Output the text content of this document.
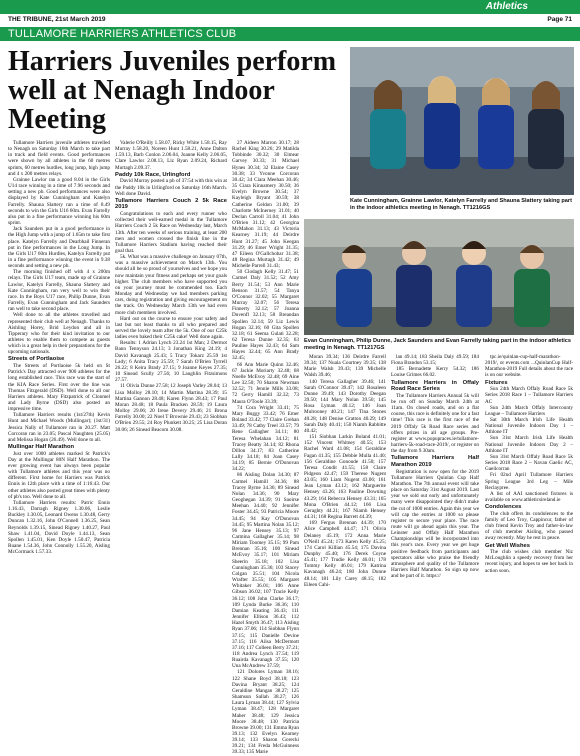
Athletics
THE TRIBUNE, 21st March 2019	Page 71
TULLAMORE HARRIERS ATHLETICS CLUB
Harriers Juveniles perform well at Nenagh Indoor Meeting
Kate Cunningham, Grainne Lawlor, Katelyn Farrelly and Shauna Slattery taking part in the indoor athletics meeting in Nenagh. TT1216GS
Evan Cunningham, Philip Dunne, Jack Saunders and Evan Farrelly taking part in the indoor athletics meeting in Nenagh. TT1217GS

Tullamore Harriers juvenile athletes travelled to Nenagh on Saturday 16th March to take part in track and field events. Good performances were shown by all athletes in the 60 metres sprints, 60 metres hurdles, long jump, high jump and 4 x 200 metres relays.

Grainne Lawlor ran a good 8.04 in the Girls U14 race winning in a time of 7.96 seconds and setting a new pb. Good performances were also displayed by Kate Cunningham and Katelyn Farrelly. Shauna Slattery ran a time of 8.49 seconds to win the Girls U16 60m. Evan Farrelly also put in a fine performance winning his 60m sprint.

Jack Saunders put in a good performance in the High Jump with a jump of 1.65m to take first place. Katelyn Farrelly and Dearbhail Finneran put in fine performances in the Long Jump. In the Girls U17 60m Hurdles, Katelyn Farrelly put in a fine performance winning the event in 9.38 seconds and setting a new pb.

The morning finished off with 4 x 200m relays. The Girls U17 team, made up of Grainne Lawlor, Katelyn Farrelly, Shauna Slattery and Kate Cunningham, ran very well to win their race. In the Boys U17 race, Philip Dunne, Evan Farrelly, Evan Cunningham and Jack Saunders ran well to take second place.

Well done to all the athletes travelled and represented their club well at Nenagh. Thanks to Aishling Horey, Brid Leydon and all in Tipperary who for their kind invitation to our athletes to enable them to compete as guests which is a great help in their preparations for the upcoming nationals.

Streets of Portlaoise

The Streets of Portlaoise 5k held on St Patrick's Day attracted over 900 athletes for the long established race. This race was the start of the KIA Race Series. First over the line was Thomas Fitzgerald (DSD). Well done to all our Harriers athletes. Mary Fitzpatrick of Clonmel and Lady Byrne (DSD) also posted an impressive time.

Tullamore Harriers results (1st/27th) Kevin Hunt and Michael Woods (Mullingar); (1st/31) Jessica Nally of Tullamore ran in 20.27. Matt Corcoran ran in 23.05; Pascal Naughten (25.05) and Melissa Hogan (26.49). Well done to all.

Mullingar Half Marathon

Just over 1000 athletes marked St Patrick's Day at the Mullingar 80N Half Marathon. The ever growing event has always been popular with Tullamore athletes and this year was no different. First home for Harriers was Patrick Ennis in 12th place with a time of 1:16:43. Our other athletes also posted great times with plenty of pb's too. Well done to all.

Tullamore Harriers results: Patric Ennis 1.16.43, Darragh Rigney 1.30.06, Leslie Buckley 1.30.05, Leonard Owens 1.30.48, Gerry Duncan 1.32.16, John O'Connell 1.36.25, Sean Reynolds 1.39.15, Sinead Rigney 1.40.27, Paul Shaw 1.41.04, David Doyle 1.44.13, Sean Spollen 1.45.01, Ken Doyle 1.50.47, Patricia Ruane 1.54.36, John Connolly 1.55.20, Aisling McCormack 1.57.33.

Valerie O'Reilly 1.58.07, Ricky White 1.58.15, Ray Murray 1.58.20, Noreen Hunt 1.58.21, Anne Dalton 1.59.13, Barb Conlon 2.06.04, Joanne Kelly 2.06.05, Clare Lawlor 2.08.13, Liz Ryan 2.09.24, Richard Murtagh 2.09.37.

Paddy 10k Race, Urlingford

David Murray posted a pb of 37:54 with this win at the Paddy 10k in Urlingford on Saturday 16th March. Well done David.

Tullamore Harriers Couch 2 5k Race 2019

Congratulations to each and every runner who collected their well-earned medal in the Tullamore Harriers Couch 2 5k Race on Wednesday last, March 13th. After ten weeks of serious training, at least 200 men and women crossed the finish line in the Tullamore Harriers Stadium having reached their goal that.

5k. What was a massive challenge on January 07th, was a massive achievement on March 13th. You should all be so proud of yourselves and we hope you now maintain your fitness and perhaps set your goals higher. The club members who have supported you on your journey must be commended too. Each Monday and Wednesday we had members parking cars, doing registration and giving encouragement on the track. On Wednesday March 13th we had even more club members involved.

Hard out on the course to ensure your safety and last but not least thanks to all who prepared and served the lovely team after the 5k. One of our C25k ladies even baked their C25k cake! Well done again.

Results: 1 Adrian Lynch 23.24 1st Man; 2 Dermot Bann Tennyson 24.13; 3 Jonathan King 24.19; 4 David Kavanagh 25.43; 5 Tracy Tokarz 25.59 1st Lady; 6 Anita Tracy 25.59; 7 Sarah O'Brien Tyrrell 26.22; 8 Keira Brady 27.15; 9 Joanne Keyes 27.35; 10 Sinead Scully 27.56; 10 Laughlin Fitzsimons 27.57.

11 Olivia Dunne 27.58; 12 Joseph Varley 28.04; 13 Lisa Molloy 28.10; 14 Martin Martina 28.39; 15 Martina Gannon 28.48; Karen Flynn 28.43; 17 Paul Moran 28.48; 18 Paula Bracken 28.59; 19 Laura Molloy 29.06; 20 Irene Devery 29.46; 21 Brona Farrelly 30.00; 22 Noel T Brownie 29.43; 23 Siobhan O'Brien 29.55; 24 Roy Plunkett 30.25; 25 Lisa Doran 30.06; 26 Sinead Beacom 30.08.

27 Aideen Marron 30.17; 28 Rachel King 30.26; 29 Matilda Tobbinde 30.32; 30 Eimear Garvey 30.33; 31 Michael Hynes 30.34; 32 Elaine Casey 30.38; 33 Yvonne Corcoran 30.42; 34 Ciara Meehan 30.46; 35 Ciara Kinnamery 30.50; 36 Evelyn Browne 30.54; 37 Kayleigh Bryant 30.59; 38 Catherine Geldon 31.00; 39 Charlotte McInerney 31.01; 40 Declan Carroll 31.04; 41 John O'Brien 31.12; 42 Georgina McMahon 31.13; 43 Victoria Kearney 31.19; 44 Deirdre Hunt 31.27; 45 John Keegan 31.29; 46 Emer Wright 31.35; 47 Eileen O'Gallchobar 31.38; 48 Regina Murtagh 31.42; 49 Michelle Parrell 31.43;

50 Clodagh Kelly 31.47; 51 Carmel Daly 31.52; 52 Amy Berry 31.54; 53 Ann Marie Benson 31.57; 54 Tanya O'Connor 32.02; 55 Margaret Murray 32.07; 56 Teresa Finnerty 32.12; 57 Joanna Duvenfl 32.13; 58 Breandan Spollen 32.14; 59 Liz Lewis Hogan 32.16; 60 Gita Spollen 32.18; 61 Seema Gulati 32.28; 62 Teresa Dunne 32.35; 63 Pauline Hayes 32.43; 64 Sam Hayes 32.44; 65 Ann Brady 32.45;

66 Ann Marie Quinn 32.46; 67 Jackie Moriarty 32.48; 68 Noelle McEvoy 32.48; 69 Aine Lee 32.50; 70 Sharon Newman 32.52; 71 Jennie Mills 33.08; 72 Gerry Hamill 32.32; 73 Maura O'Toole 33.39;

74 Cora Wright 33.41; 75 Mary Buggy 33.42; 76 Emer Boland 33.42; 77 Claire Grehan 33.49; 78 Cathy Treel 33.57; 79 Rene Gallagher 34.11; 80 Teresa Whelahan 34.12; 81 Tracey Beatty 34.14; 82 Rhona Dillon 34.17; 83 Catherine Lally 34.18; 84 Joan Casey 34.19; 85 Bernie O'Donovan 34.22;

86 Aisling Dolan 34.30; 87 Carmel Hamill 34.36; 88 Tracey Byrne 34.36; 89 Sinead Nolan 34.36; 90 Mary Geoghegan 34.39; 91 Saoirse Meehan 34.40; 92 Jennifer Foster 34.45; 93 Patricia Moore 34.45; 94 Kay O'Donovan 34.45; 95 Martina Nolan 35.12; 96 Jane Hensey 35.13; 97 Carmina Gallagher 35.14; 98 Miriam Toomey 35.15; 99 Pam Brennan 35.16; 100 Sinead McEvoy 35.17; 101 Miriam Sheerin 35.18; 102 Lisa Cunningham 35.36; 103 Stacey Colgan 35.51; 104 Nicola Wrafter 35.55; 105 Margaret Whitaker 36.01; 106 Anne Gibson 36.02; 107 Tracie Kelly 36.12; 108 John Clarke 36.17; 109 Lynda Burke 36.36; 110 Damian Keating 36.43; 111 Jennifer Ellison 36.43; 112 Hazel Smyth 36.47; 113 Aisling Ryan 37.06; 114 Siobhan Flynn 37.15; 115 Danielle Devine 37.15; 116 Ailsa McDermott 37.16; 117 Colleen Berry 37.21; 118 Andrea Lynch 37.54; 119 Ruairda Kavanagh 37.55; 120 Una McAndrew 37.59;

121 Dolores Lyman 38.16; 122 Shane Boyd 38.18; 123 Davina Bryant 38.25; 124 Geraldine Mangan 38.27; 125 Shamsun Sallah 38.27; 126 Laura Lyman 38.44; 127 Sylvia Lyman 38.47; 128 Margaret Maher 38.48; 129 Jessica Moore 38.48; 130 Patricia Browne 39.00; 131 Emma Ryan 39.13; 132 Evelyn Kearney 39.14; 133 Sharon Gorecki 39.21; 134 Freda McGuinness 39.33; 135 Marie

Moran 39.34; 136 Deirdre Farrell 39.34; 137 Nuala Courtney 39.35; 138 Marie Walsh 39.43; 139 Michelle Walsh 39.46;

140 Teresa Gallagher 39.46; 141 Sarah O'Connor 39.47; 142 Rosaleen Dunne 39.49; 143 Dorothy Deegan 39.50; 144 Mary Nolan 39.50; 145 Rosa Lyman 40.12; 146 Joan Mulrooney 40.21; 147 Tina Stones 40.28; 148 Denise Gratton 40.29; 149 Sarah Daly 40.41; 150 Niamh Rabbitte 40.42;

151 Siobhan Larkin Boland 41.01; 152 Vincent Whitney 40.55; 153 Rachel Ward 41.08; 154 Geraldine Fagan 41.35; 155 Debbie Mulla 41.40; 156 Geraldine Gonoude 41.50; 157 Teresa Condit 41.55; 158 Claire Pidgeon 42.47; 159 Therese Nugent 43.05; 160 Liam Nugent 43.06; 161 Jean Lyman 43.12; 162 Marguerite Hensey 43.26; 163 Pauline Downing 43.29; 164 Rebecca Hensey 43.31; 165 Mona O'Brien 44.12; 166 Lisa Geraghty 44.21; 167 Niamh Hensey 44.31; 168 Regina Barrett 44.39;

169 Fergus Brennan 44.39; 170 Alice Campbell 44.47; 171 Olivia Delaney 45.19; 172 Anna Marie O'Neill 45.24; 173 Karen Kelly 45.25; 174 Carol Killian 45.54; 175 Davina Dunphy 45.40; 176 Derek Coyne 45.41; 177 Trudie Kelly 46.01; 178 Tommy Kelly 46.01; 179 Katrina Kavanagh 46.24; 180 John Dunne 48.14; 181 Lily Carey 48.15; 182 Eileen Cahi-

lan 49.14; 183 Sheila Daly 49.59; 184 Fiona Brandon 53.15;

185 Bernadette Kerry 54.32; 186 Louise Grimes 66.02.

Tullamore Harriers in Offaly Road Race Series

The Tullamore Harriers Annual 5k will be run off on Sunday March 24th at 11am. On closed roads, and on a flat course, this race is definitely one for a fast time! This race is the first race of the 2019 Offaly 5k Road Race series and offers prizes in all age groups. Pre-register at www.popupraces.ie/tullamore-harriers-5k-road-race-2019/, or register on the day from 9.30am.

Tullamore Harriers Half Marathon 2019

Registration is now open for the 2019 Tullamore Harriers Quinlan Cup Half Marathon. The 7th annual event will take place on Saturday 31st August 2019. Last year we sold out early and unfortunately many were disappointed they didn't make the cut of 1000 entries. Again this year we will cap the entries at 1000 so please register to secure your place. The race route will go ahead again this year. The Leinster and Offaly Half Marathon Championships will be incorporated into this year's race. Every year we get huge positive feedback from participants and spectators alike who praise the friendly atmosphere and quality of the Tullamore Harriers Half Marathon. So sign up now and be part of it. https://

tpc.ie/quinlan-cup-half-marathon-2019/, or events.com ...QuinlanCup Half-Marathon-2019 Full details about the race is on our website.

Fixtures

Sun 24th March Offaly Road Race 5k Series 2018 Race 1 – Tullamore Harriers AC

Sun 24th March Offaly Intercounty League – Tullamore Harriers

Sat 30th March Irish Life Health National Juvenile Indoors Day 1 – Athlone IT

Sun 31st March Irish Life Health National Juvenile Indoors Day 2 – Athlone IT

Sun 31st March Offaly Road Race 5k Series 2018 Race 2 – Navan Gaelic AC, Gaeilcorran

Fri 02nd April Tullamore Harriers Spring League 3rd Leg – Mile Reclaypree.

A list of AAI sanctioned fixtures is available on www.athleticsireland.ie

Condolences

The club offers its condolences to the family of Leo Troy, Cappincur, father of club friend Kevin Troy and father-in-law of club member Aisling, who passed away recently. May he rest in peace.

Get Well Wishes

The club wishes club member Niz McLoughlin a speedy recovery from her recent injury, and hopes to see her back in action soon.
